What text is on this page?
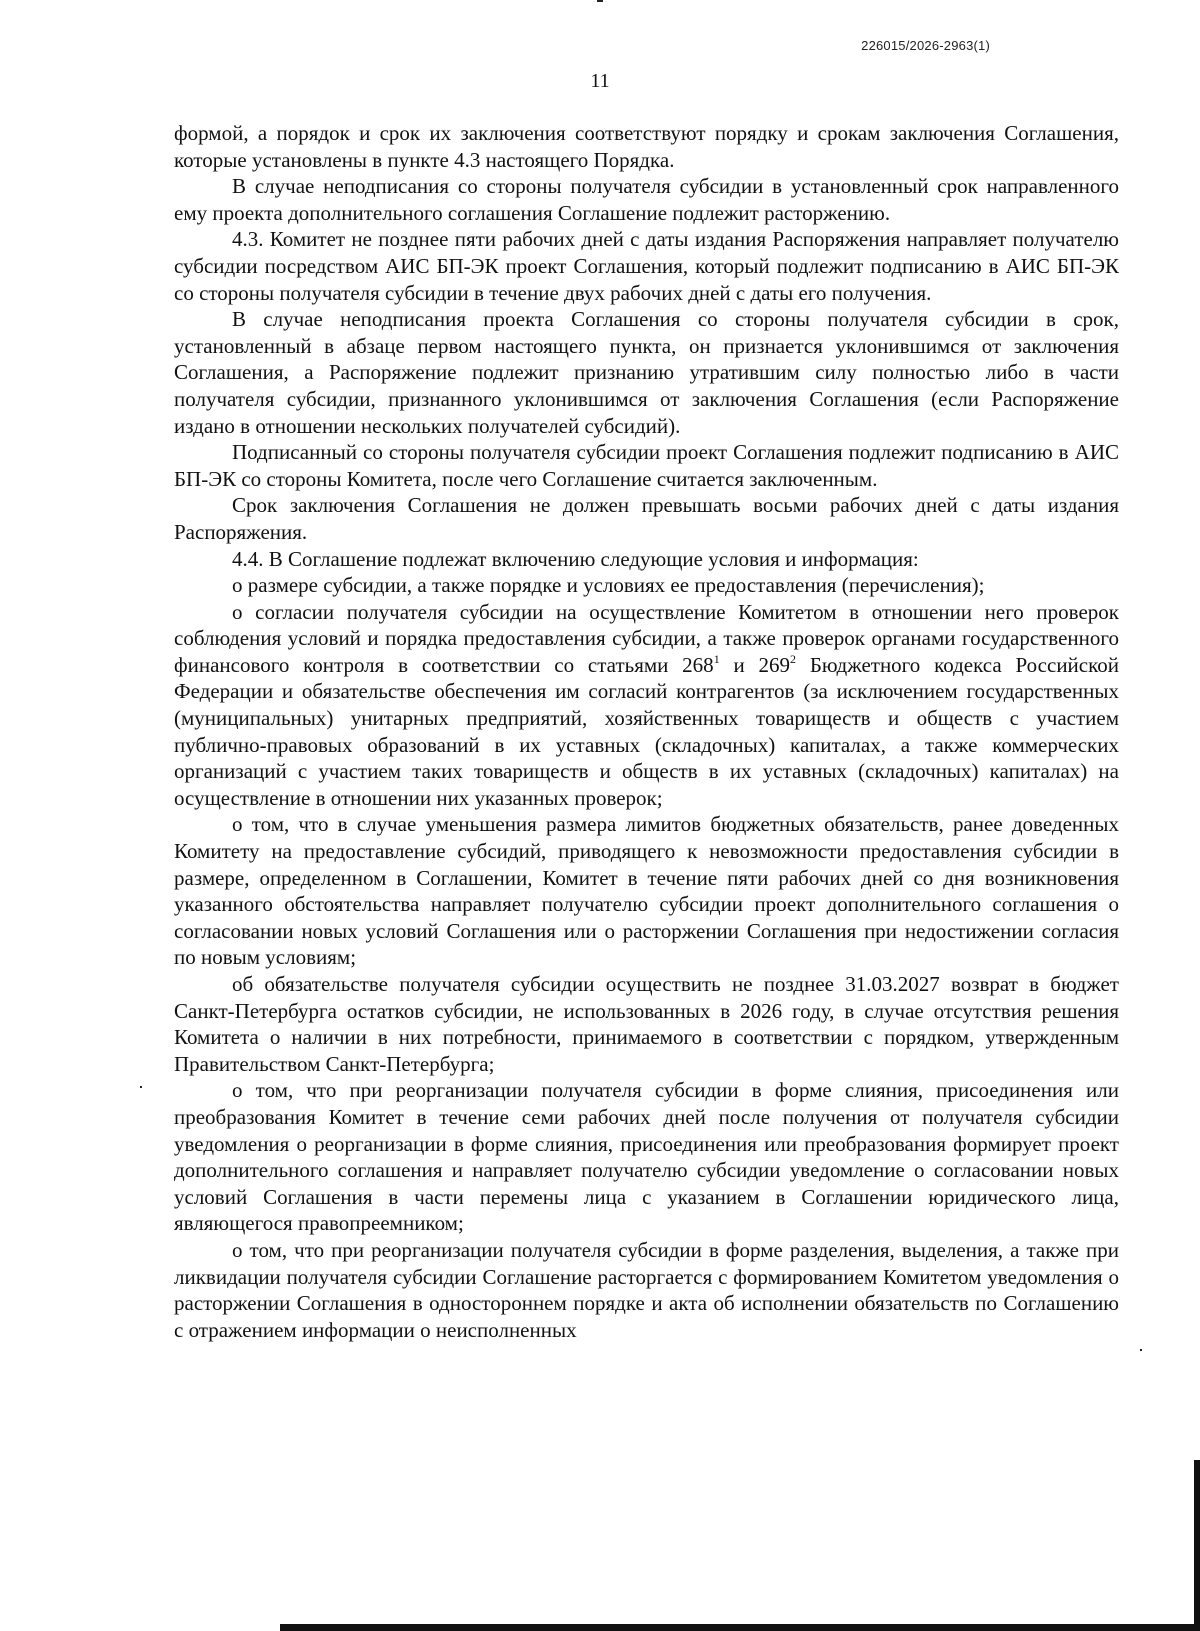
226015/2026-2963(1)
11

формой, а порядок и срок их заключения соответствуют порядку и срокам заключения Соглашения, которые установлены в пункте 4.3 настоящего Порядка.

В случае неподписания со стороны получателя субсидии в установленный срок направленного ему проекта дополнительного соглашения Соглашение подлежит расторжению.

4.3. Комитет не позднее пяти рабочих дней с даты издания Распоряжения направляет получателю субсидии посредством АИС БП-ЭК проект Соглашения, который подлежит подписанию в АИС БП-ЭК со стороны получателя субсидии в течение двух рабочих дней с даты его получения.

В случае неподписания проекта Соглашения со стороны получателя субсидии в срок, установленный в абзаце первом настоящего пункта, он признается уклонившимся от заключения Соглашения, а Распоряжение подлежит признанию утратившим силу полностью либо в части получателя субсидии, признанного уклонившимся от заключения Соглашения (если Распоряжение издано в отношении нескольких получателей субсидий).

Подписанный со стороны получателя субсидии проект Соглашения подлежит подписанию в АИС БП-ЭК со стороны Комитета, после чего Соглашение считается заключенным.

Срок заключения Соглашения не должен превышать восьми рабочих дней с даты издания Распоряжения.

4.4. В Соглашение подлежат включению следующие условия и информация:

о размере субсидии, а также порядке и условиях ее предоставления (перечисления);

о согласии получателя субсидии на осуществление Комитетом в отношении него проверок соблюдения условий и порядка предоставления субсидии, а также проверок органами государственного финансового контроля в соответствии со статьями $268^1$ и $269^2$ Бюджетного кодекса Российской Федерации и обязательстве обеспечения им согласий контрагентов (за исключением государственных (муниципальных) унитарных предприятий, хозяйственных товариществ и обществ с участием публично-правовых образований в их уставных (складочных) капиталах, а также коммерческих организаций с участием таких товариществ и обществ в их уставных (складочных) капиталах) на осуществление в отношении них указанных проверок;

о том, что в случае уменьшения размера лимитов бюджетных обязательств, ранее доведенных Комитету на предоставление субсидий, приводящего к невозможности предоставления субсидии в размере, определенном в Соглашении, Комитет в течение пяти рабочих дней со дня возникновения указанного обстоятельства направляет получателю субсидии проект дополнительного соглашения о согласовании новых условий Соглашения или о расторжении Соглашения при недостижении согласия по новым условиям;

об обязательстве получателя субсидии осуществить не позднее 31.03.2027 возврат в бюджет Санкт-Петербурга остатков субсидии, не использованных в 2026 году, в случае отсутствия решения Комитета о наличии в них потребности, принимаемого в соответствии с порядком, утвержденным Правительством Санкт-Петербурга;

о том, что при реорганизации получателя субсидии в форме слияния, присоединения или преобразования Комитет в течение семи рабочих дней после получения от получателя субсидии уведомления о реорганизации в форме слияния, присоединения или преобразования формирует проект дополнительного соглашения и направляет получателю субсидии уведомление о согласовании новых условий Соглашения в части перемены лица с указанием в Соглашении юридического лица, являющегося правопреемником;

о том, что при реорганизации получателя субсидии в форме разделения, выделения, а также при ликвидации получателя субсидии Соглашение расторгается с формированием Комитетом уведомления о расторжении Соглашения в одностороннем порядке и акта об исполнении обязательств по Соглашению с отражением информации о неисполненных
